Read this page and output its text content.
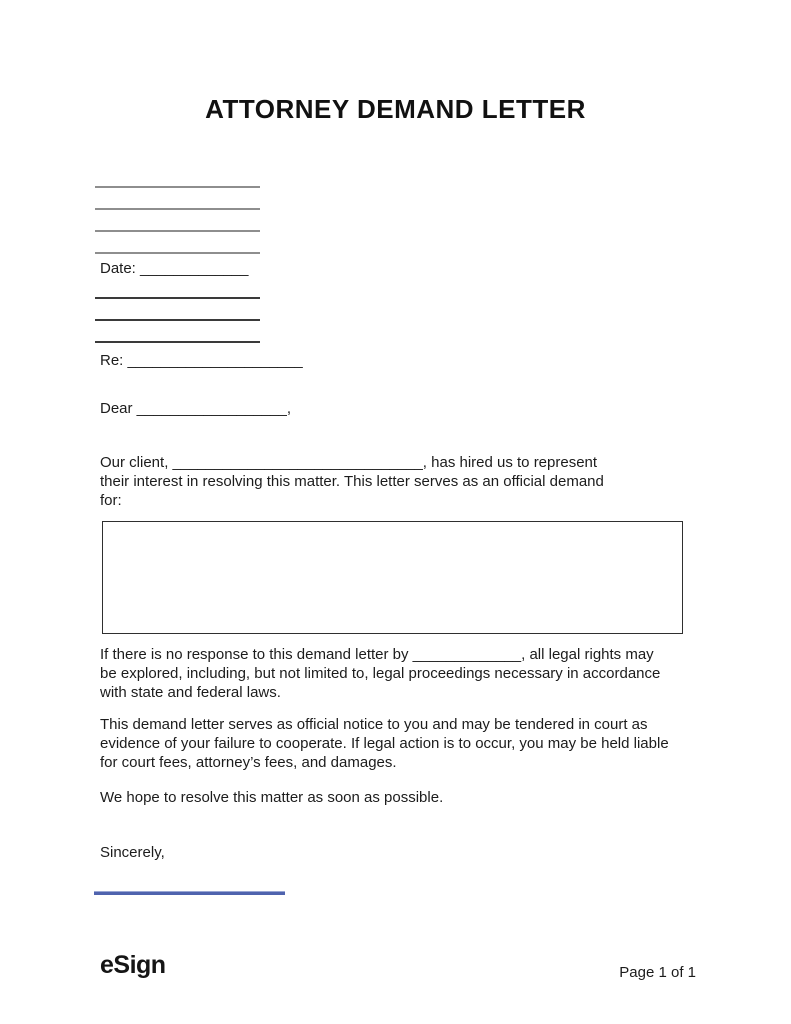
ATTORNEY DEMAND LETTER
Date: _____________
Re: _____________________
Dear __________________,
Our client, ______________________________, has hired us to represent
their interest in resolving this matter. This letter serves as an official demand
for:
If there is no response to this demand letter by _____________, all legal rights may
be explored, including, but not limited to, legal proceedings necessary in accordance
with state and federal laws.
This demand letter serves as official notice to you and may be tendered in court as
evidence of your failure to cooperate. If legal action is to occur, you may be held liable
for court fees, attorney’s fees, and damages.
We hope to resolve this matter as soon as possible.
Sincerely,
eSign	Page 1 of 1
